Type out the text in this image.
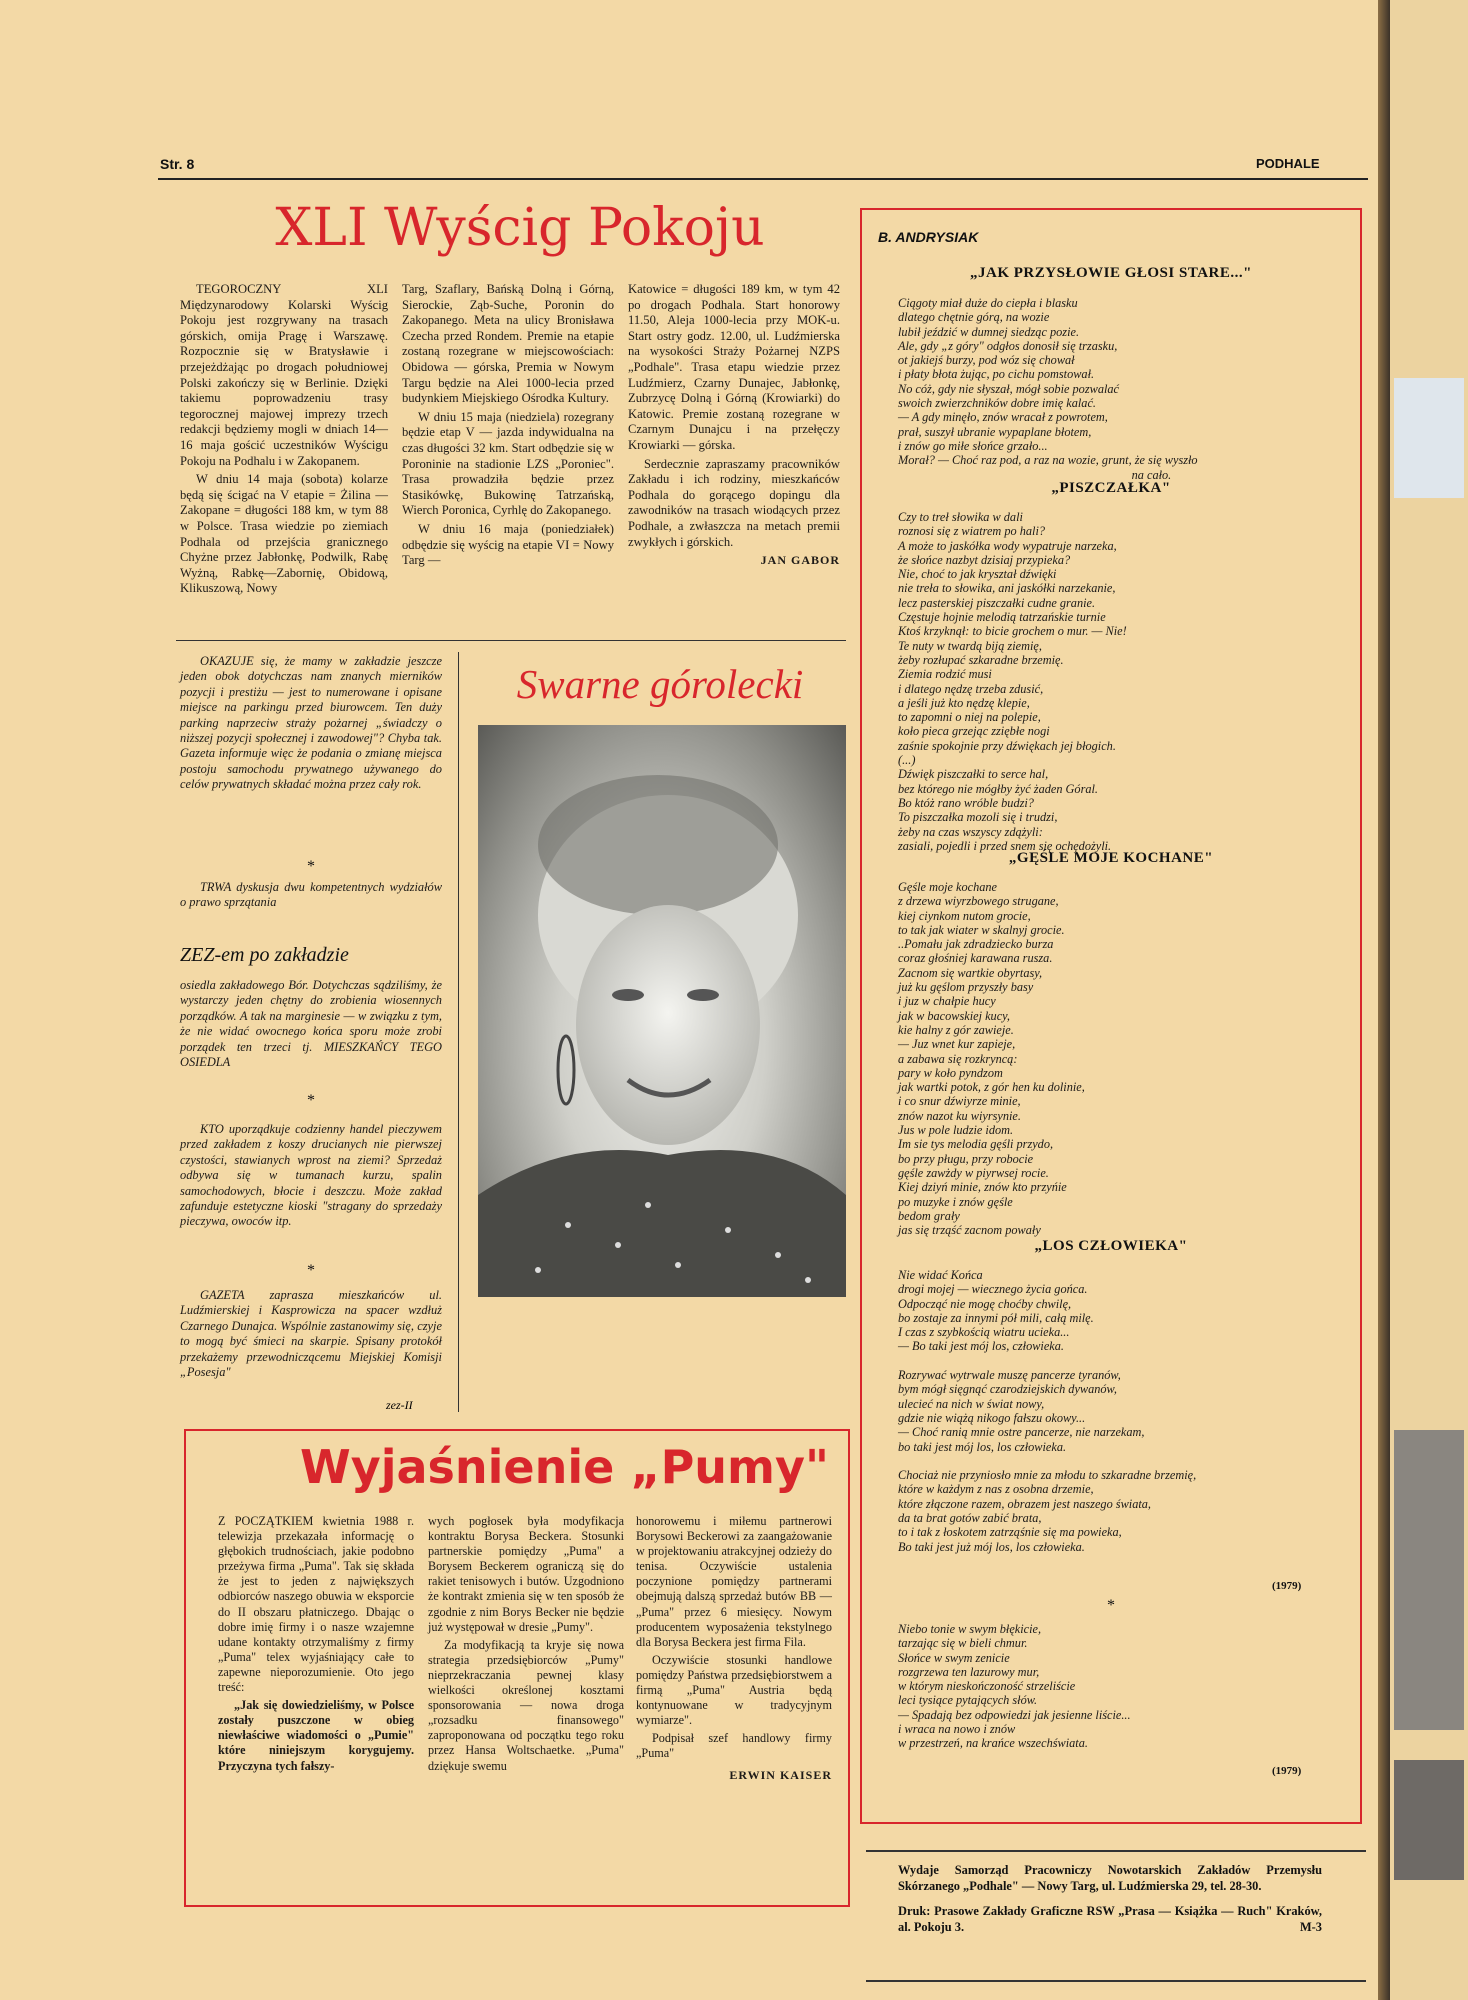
Str. 8	PODHALE
XLI Wyścig Pokoju

TEGOROCZNY XLI Międzynarodowy Kolarski Wyścig Pokoju jest rozgrywany na trasach górskich, omija Pragę i Warszawę. Rozpocznie się w Bratysławie i przejeżdżając po drogach południowej Polski zakończy się w Berlinie. Dzięki takiemu poprowadzeniu trasy tegorocznej majowej imprezy trzech redakcji będziemy mogli w dniach 14—16 maja gościć uczestników Wyścigu Pokoju na Podhalu i w Zakopanem.

W dniu 14 maja (sobota) kolarze będą się ścigać na V etapie = Żilina — Zakopane = długości 188 km, w tym 88 w Polsce. Trasa wiedzie po ziemiach Podhala od przejścia granicznego Chyżne przez Jabłonkę, Podwilk, Rabę Wyżną, Rabkę—Zabornię, Obidową, Klikuszową, Nowy

Targ, Szaflary, Bańską Dolną i Górną, Sierockie, Ząb-Suche, Poronin do Zakopanego. Meta na ulicy Bronisława Czecha przed Rondem. Premie na etapie zostaną rozegrane w miejscowościach: Obidowa — górska, Premia w Nowym Targu będzie na Alei 1000-lecia przed budynkiem Miejskiego Ośrodka Kultury.

W dniu 15 maja (niedziela) rozegrany będzie etap V — jazda indywidualna na czas długości 32 km. Start odbędzie się w Poroninie na stadionie LZS „Poroniec". Trasa prowadziła będzie przez Stasikówkę, Bukowinę Tatrzańską, Wierch Poronica, Cyrhlę do Zakopanego.

W dniu 16 maja (poniedziałek) odbędzie się wyścig na etapie VI = Nowy Targ —

Katowice = długości 189 km, w tym 42 po drogach Podhala. Start honorowy 11.50, Aleja 1000-lecia przy MOK-u. Start ostry godz. 12.00, ul. Ludźmierska na wysokości Straży Pożarnej NZPS „Podhale". Trasa etapu wiedzie przez Ludźmierz, Czarny Dunajec, Jabłonkę, Zubrzycę Dolną i Górną (Krowiarki) do Katowic. Premie zostaną rozegrane w Czarnym Dunajcu i na przełęczy Krowiarki — górska.

Serdecznie zapraszamy pracowników Zakładu i ich rodziny, mieszkańców Podhala do gorącego dopingu dla zawodników na trasach wiodących przez Podhale, a zwłaszcza na metach premii zwykłych i górskich.

JAN GABOR

OKAZUJE się, że mamy w zakładzie jeszcze jeden obok dotychczas nam znanych mierników pozycji i prestiżu — jest to numerowane i opisane miejsce na parkingu przed biurowcem. Ten duży parking naprzeciw straży pożarnej „świadczy o niższej pozycji społecznej i zawodowej"? Chyba tak. Gazeta informuje więc że podania o zmianę miejsca postoju samochodu prywatnego używanego do celów prywatnych składać można przez cały rok.

*

TRWA dyskusja dwu kompetentnych wydziałów o prawo sprzątania

ZEZ-em po zakładzie

osiedla zakładowego Bór. Dotychczas sądziliśmy, że wystarczy jeden chętny do zrobienia wiosennych porządków. A tak na marginesie — w związku z tym, że nie widać owocnego końca sporu może zrobi porządek ten trzeci tj. MIESZKAŃCY TEGO OSIEDLA

*

KTO uporządkuje codzienny handel pieczywem przed zakładem z koszy drucianych nie pierwszej czystości, stawianych wprost na ziemi? Sprzedaż odbywa się w tumanach kurzu, spalin samochodowych, błocie i deszczu. Może zakład zafunduje estetyczne kioski "stragany do sprzedaży pieczywa, owoców itp.

*

GAZETA zaprasza mieszkańców ul. Ludźmierskiej i Kasprowicza na spacer wzdłuż Czarnego Dunajca. Wspólnie zastanowimy się, czyje to mogą być śmieci na skarpie. Spisany protokół przekażemy przewodniczącemu Miejskiej Komisji „Posesja"

zez-II
Swarne górolecki
Wyjaśnienie „Pumy"

Z POCZĄTKIEM kwietnia 1988 r. telewizja przekazała informację o głębokich trudnościach, jakie podobno przeżywa firma „Puma". Tak się składa że jest to jeden z największych odbiorców naszego obuwia w eksporcie do II obszaru płatniczego. Dbając o dobre imię firmy i o nasze wzajemne udane kontakty otrzymaliśmy z firmy „Puma" telex wyjaśniający całe to zapewne nieporozumienie. Oto jego treść:

„Jak się dowiedzieliśmy, w Polsce zostały puszczone w obieg niewłaściwe wiadomości o „Pumie" które niniejszym korygujemy. Przyczyna tych fałszy-

wych pogłosek była modyfikacja kontraktu Borysa Beckera. Stosunki partnerskie pomiędzy „Puma" a Borysem Beckerem ograniczą się do rakiet tenisowych i butów. Uzgodniono że kontrakt zmienia się w ten sposób że zgodnie z nim Borys Becker nie będzie już występował w dresie „Pumy".

Za modyfikacją ta kryje się nowa strategia przedsiębiorców „Pumy" nieprzekraczania pewnej klasy wielkości określonej kosztami sponsorowania — nowa droga „rozsadku finansowego" zaproponowana od początku tego roku przez Hansa Woltschaetke. „Puma" dziękuje swemu

honorowemu i miłemu partnerowi Borysowi Beckerowi za zaangażowanie w projektowaniu atrakcyjnej odzieży do tenisa. Oczywiście ustalenia poczynione pomiędzy partnerami obejmują dalszą sprzedaż butów BB — „Puma" przez 6 miesięcy. Nowym producentem wyposażenia tekstylnego dla Borysa Beckera jest firma Fila.

Oczywiście stosunki handlowe pomiędzy Państwa przedsiębiorstwem a firmą „Puma" Austria będą kontynuowane w tradycyjnym wymiarze".

Podpisał szef handlowy firmy „Puma"

ERWIN KAISER
B. ANDRYSIAK
„JAK PRZYSŁOWIE GŁOSI STARE..."
Ciągoty miał duże do ciepła i blasku
dlatego chętnie górą, na wozie
lubił jeździć w dumnej siedząc pozie.
Ale, gdy „z góry" odgłos donosił się trzasku,
ot jakiejś burzy, pod wóz się chował
i płaty błota żując, po cichu pomstował.
No cóż, gdy nie słyszał, mógł sobie pozwalać
swoich zwierzchników dobre imię kalać.
— A gdy minęło, znów wracał z powrotem,
prał, suszył ubranie wypaplane błotem,
i znów go miłe słońce grzało...
Morał? — Choć raz pod, a raz na wozie, grunt, że się wyszło
na cało.
„PISZCZAŁKA"
Czy to treł słowika w dali
roznosi się z wiatrem po hali?
A może to jaskółka wody wypatruje narzeka,
że słońce nazbyt dzisiaj przypieka?
Nie, choć to jak kryształ dźwięki
nie treła to słowika, ani jaskółki narzekanie,
lecz pasterskiej piszczałki cudne granie.
Częstuje hojnie melodią tatrzańskie turnie
Ktoś krzyknął: to bicie grochem o mur. — Nie!
Te nuty w twardą biją ziemię,
żeby rozłupać szkaradne brzemię.
Ziemia rodzić musi
i dlatego nędzę trzeba zdusić,
a jeśli już kto nędzę klepie,
to zapomni o niej na polepie,
koło pieca grzejąc zziębłe nogi
zaśnie spokojnie przy dźwiękach jej błogich.
(...)
Dźwięk piszczałki to serce hal,
bez którego nie mógłby żyć żaden Góral.
Bo któż rano wróble budzi?
To piszczałka mozoli się i trudzi,
żeby na czas wszyscy zdążyli:
zasiali, pojedli i przed snem się ochędożyli.
„GĘŚLE MOJE KOCHANE"
Gęśle moje kochane
z drzewa wiyrzbowego strugane,
kiej ciynkom nutom grocie,
to tak jak wiater w skalnyj grocie.
..Pomału jak zdradziecko burza
coraz głośniej karawana rusza.
Zacnom się wartkie obyrtasy,
już ku gęślom przyszły basy
i juz w chałpie hucy
jak w bacowskiej kucy,
kie halny z gór zawieje.
— Juz wnet kur zapieje,
a zabawa się rozkryncą:
pary w koło pyndzom
jak wartki potok, z gór hen ku dolinie,
i co snur dźwiyrze minie,
znów nazot ku wiyrsynie.
Jus w pole ludzie idom.
Im sie tys melodia gęśli przydo,
bo przy pługu, przy robocie
gęśle zawżdy w piyrwsej rocie.
Kiej dziyń minie, znów kto przyńie
po muzyke i znów gęśle
bedom grały
jas się trząść zacnom powały
„LOS CZŁOWIEKA"
Nie widać Końca
drogi mojej — wiecznego życia gońca.
Odpocząć nie mogę choćby chwilę,
bo zostaje za innymi pół mili, całą milę.
I czas z szybkością wiatru ucieka...
— Bo taki jest mój los, człowieka.

Rozrywać wytrwale muszę pancerze tyranów,
bym mógł sięgnąć czarodziejskich dywanów,
ulecieć na nich w świat nowy,
gdzie nie wiążą nikogo fałszu okowy...
— Choć ranią mnie ostre pancerze, nie narzekam,
bo taki jest mój los, los człowieka.

Chociaż nie przyniosło mnie za młodu to szkaradne brzemię,
które w każdym z nas z osobna drzemie,
które złączone razem, obrazem jest naszego świata,
da ta brat gotów zabić brata,
to i tak z łoskotem zatrząśnie się ma powieka,
Bo taki jest już mój los, los człowieka.
(1979)
*
Niebo tonie w swym błękicie,
tarzając się w bieli chmur.
Słońce w swym zenicie
rozgrzewa ten lazurowy mur,
w którym nieskończoność strzeliście
leci tysiące pytających słów.
— Spadają bez odpowiedzi jak jesienne liście...
i wraca na nowo i znów
w przestrzeń, na krańce wszechświata.
(1979)
Wydaje Samorząd Pracowniczy Nowotarskich Zakładów Przemysłu Skórzanego „Podhale" — Nowy Targ, ul. Ludźmierska 29, tel. 28-30.
Druk: Prasowe Zakłady Graficzne RSW „Prasa — Książka — Ruch" Kraków, al. Pokoju 3.	M-3
